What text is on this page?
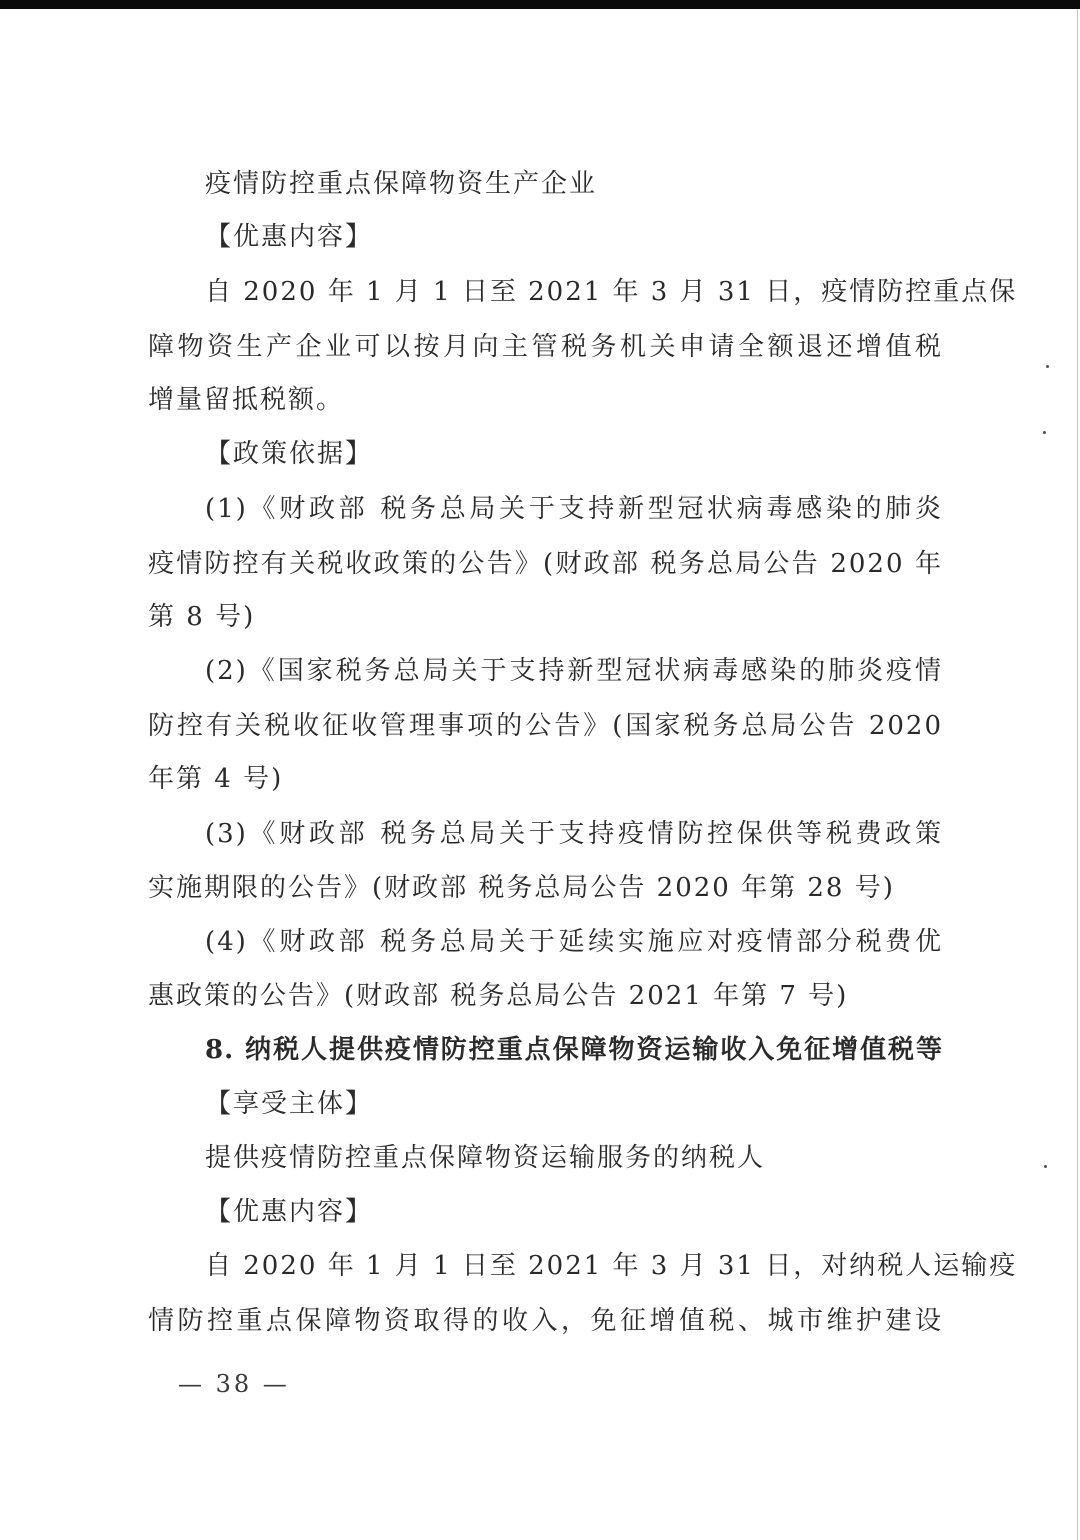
疫情防控重点保障物资生产企业
【优惠内容】
自 2020 年 1 月 1 日至 2021 年 3 月 31 日，疫情防控重点保
障物资生产企业可以按月向主管税务机关申请全额退还增值税
增量留抵税额。
【政策依据】
(1)《财政部 税务总局关于支持新型冠状病毒感染的肺炎
疫情防控有关税收政策的公告》(财政部 税务总局公告 2020 年
第 8 号)
(2)《国家税务总局关于支持新型冠状病毒感染的肺炎疫情
防控有关税收征收管理事项的公告》(国家税务总局公告 2020
年第 4 号)
(3)《财政部 税务总局关于支持疫情防控保供等税费政策
实施期限的公告》(财政部 税务总局公告 2020 年第 28 号)
(4)《财政部 税务总局关于延续实施应对疫情部分税费优
惠政策的公告》(财政部 税务总局公告 2021 年第 7 号)
8. 纳税人提供疫情防控重点保障物资运输收入免征增值税等
【享受主体】
提供疫情防控重点保障物资运输服务的纳税人
【优惠内容】
自 2020 年 1 月 1 日至 2021 年 3 月 31 日，对纳税人运输疫
情防控重点保障物资取得的收入，免征增值税、城市维护建设
— 38 —
